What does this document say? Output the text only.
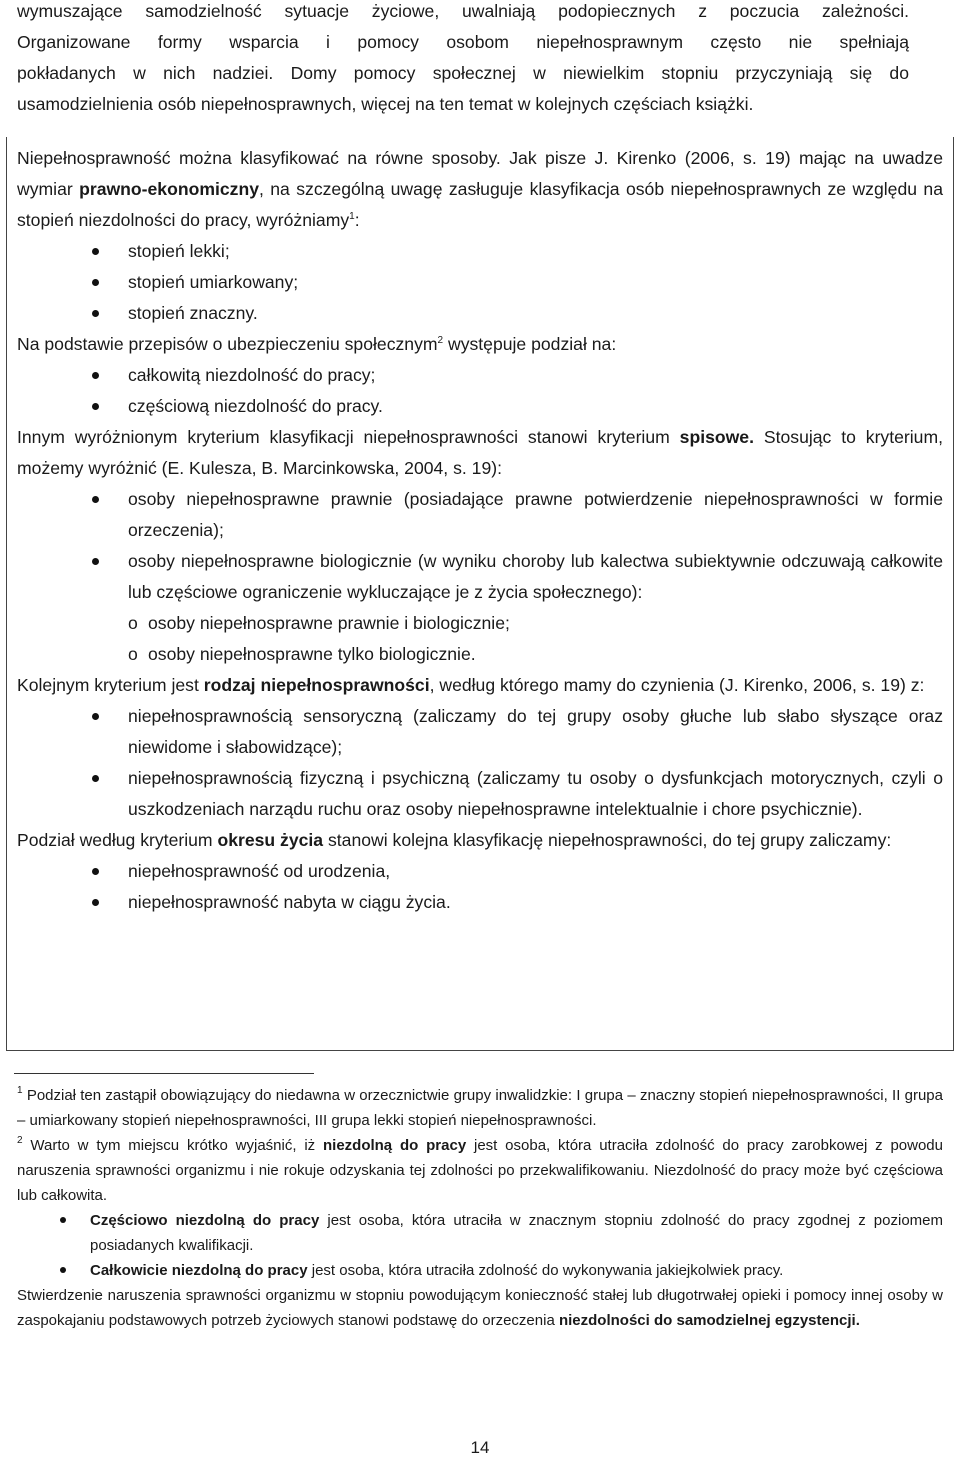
wymuszające samodzielność sytuacje życiowe, uwalniają podopiecznych z poczucia zależności.

Organizowane formy wsparcia i pomocy osobom niepełnosprawnym często nie spełniają

pokładanych w nich nadziei. Domy pomocy społecznej w niewielkim stopniu przyczyniają się do

usamodzielnienia osób niepełnosprawnych, więcej na ten temat w kolejnych częściach książki.

Niepełnosprawność można klasyfikować na równe sposoby. Jak pisze J. Kirenko (2006, s. 19) mając na uwadze wymiar prawno-ekonomiczny, na szczególną uwagę zasługuje klasyfikacja osób niepełnosprawnych ze względu na stopień niezdolności do pracy, wyróżniamy$^1$:

stopień lekki;
stopień umiarkowany;
stopień znaczny.

Na podstawie przepisów o ubezpieczeniu społecznym$^2$ występuje podział na:

całkowitą niezdolność do pracy;
częściową niezdolność do pracy.

Innym wyróżnionym kryterium klasyfikacji niepełnosprawności stanowi kryterium spisowe. Stosując to kryterium, możemy wyróżnić (E. Kulesza, B. Marcinkowska, 2004, s. 19):

osoby niepełnosprawne prawnie (posiadające prawne potwierdzenie niepełnosprawności w formie orzeczenia);
osoby niepełnosprawne biologicznie (w wyniku choroby lub kalectwa subiektywnie odczuwają całkowite lub częściowe ograniczenie wykluczające je z życia społecznego):
o osoby niepełnosprawne prawnie i biologicznie;
o osoby niepełnosprawne tylko biologicznie.

Kolejnym kryterium jest rodzaj niepełnosprawności, według którego mamy do czynienia (J. Kirenko, 2006, s. 19) z:

niepełnosprawnością sensoryczną (zaliczamy do tej grupy osoby głuche lub słabo słyszące oraz niewidome i słabowidzące);
niepełnosprawnością fizyczną i psychiczną (zaliczamy tu osoby o dysfunkcjach motorycznych, czyli o uszkodzeniach narządu ruchu oraz osoby niepełnosprawne intelektualnie i chore psychicznie).

Podział według kryterium okresu życia stanowi kolejna klasyfikację niepełnosprawności, do tej grupy zaliczamy:

niepełnosprawność od urodzenia,
niepełnosprawność nabyta w ciągu życia.

$^1$ Podział ten zastąpił obowiązujący do niedawna w orzecznictwie grupy inwalidzkie: I grupa – znaczny stopień niepełnosprawności, II grupa – umiarkowany stopień niepełnosprawności, III grupa lekki stopień niepełnosprawności.

$^2$ Warto w tym miejscu krótko wyjaśnić, iż niezdolną do pracy jest osoba, która utraciła zdolność do pracy zarobkowej z powodu naruszenia sprawności organizmu i nie rokuje odzyskania tej zdolności po przekwalifikowaniu. Niezdolność do pracy może być częściowa lub całkowita.

Częściowo niezdolną do pracy jest osoba, która utraciła w znacznym stopniu zdolność do pracy zgodnej z poziomem posiadanych kwalifikacji.
Całkowicie niezdolną do pracy jest osoba, która utraciła zdolność do wykonywania jakiejkolwiek pracy.

Stwierdzenie naruszenia sprawności organizmu w stopniu powodującym konieczność stałej lub długotrwałej opieki i pomocy innej osoby w zaspokajaniu podstawowych potrzeb życiowych stanowi podstawę do orzeczenia niezdolności do samodzielnej egzystencji.

14
